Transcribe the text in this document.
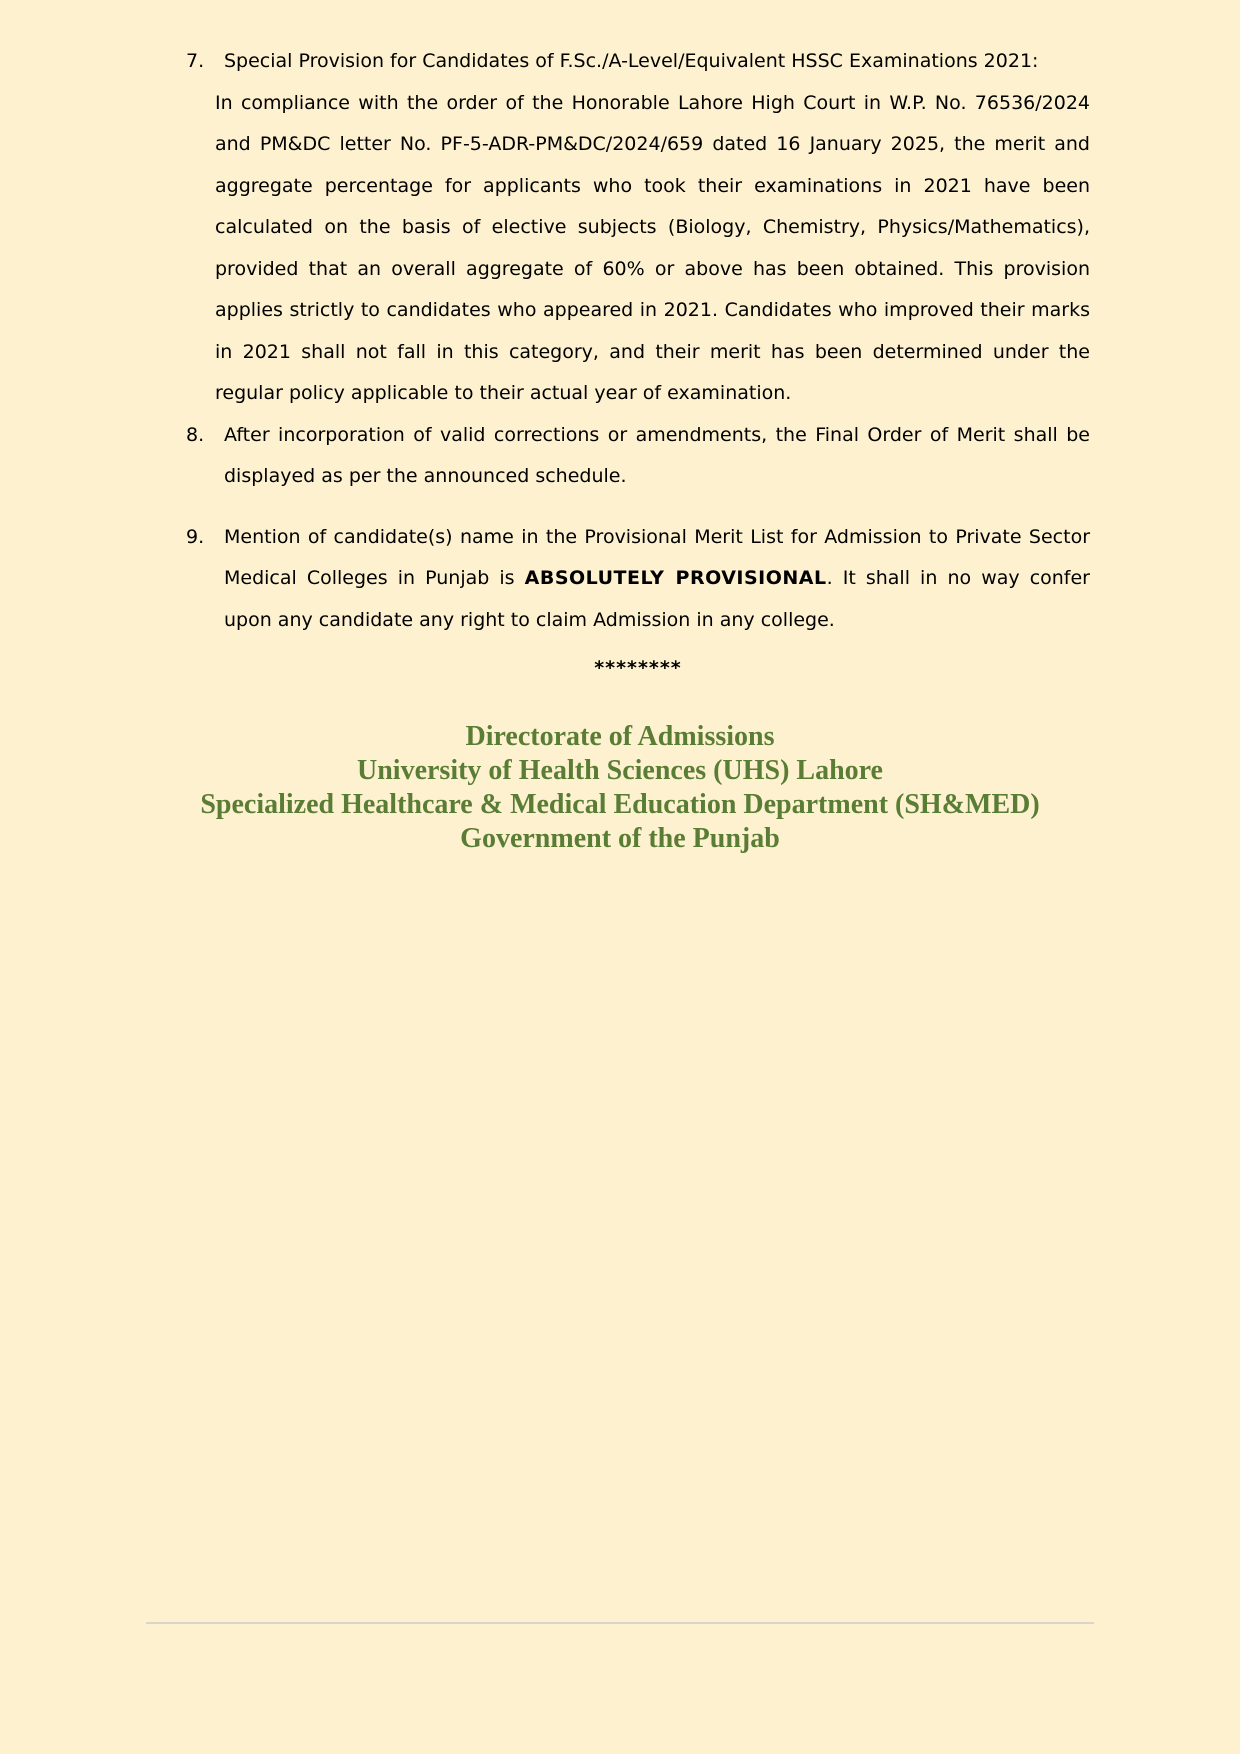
7.	Special Provision for Candidates of F.Sc./A-Level/Equivalent HSSC Examinations 2021:
In compliance with the order of the Honorable Lahore High Court in W.P. No. 76536/2024 and PM&DC letter No. PF-5-ADR-PM&DC/2024/659 dated 16 January 2025, the merit and aggregate percentage for applicants who took their examinations in 2021 have been calculated on the basis of elective subjects (Biology, Chemistry, Physics/Mathematics), provided that an overall aggregate of 60% or above has been obtained. This provision applies strictly to candidates who appeared in 2021. Candidates who improved their marks in 2021 shall not fall in this category, and their merit has been determined under the regular policy applicable to their actual year of examination.
8.	After incorporation of valid corrections or amendments, the Final Order of Merit shall be displayed as per the announced schedule.
9.	Mention of candidate(s) name in the Provisional Merit List for Admission to Private Sector Medical Colleges in Punjab is ABSOLUTELY PROVISIONAL. It shall in no way confer upon any candidate any right to claim Admission in any college.
********
Directorate of Admissions
University of Health Sciences (UHS) Lahore
Specialized Healthcare & Medical Education Department (SH&MED)
Government of the Punjab
